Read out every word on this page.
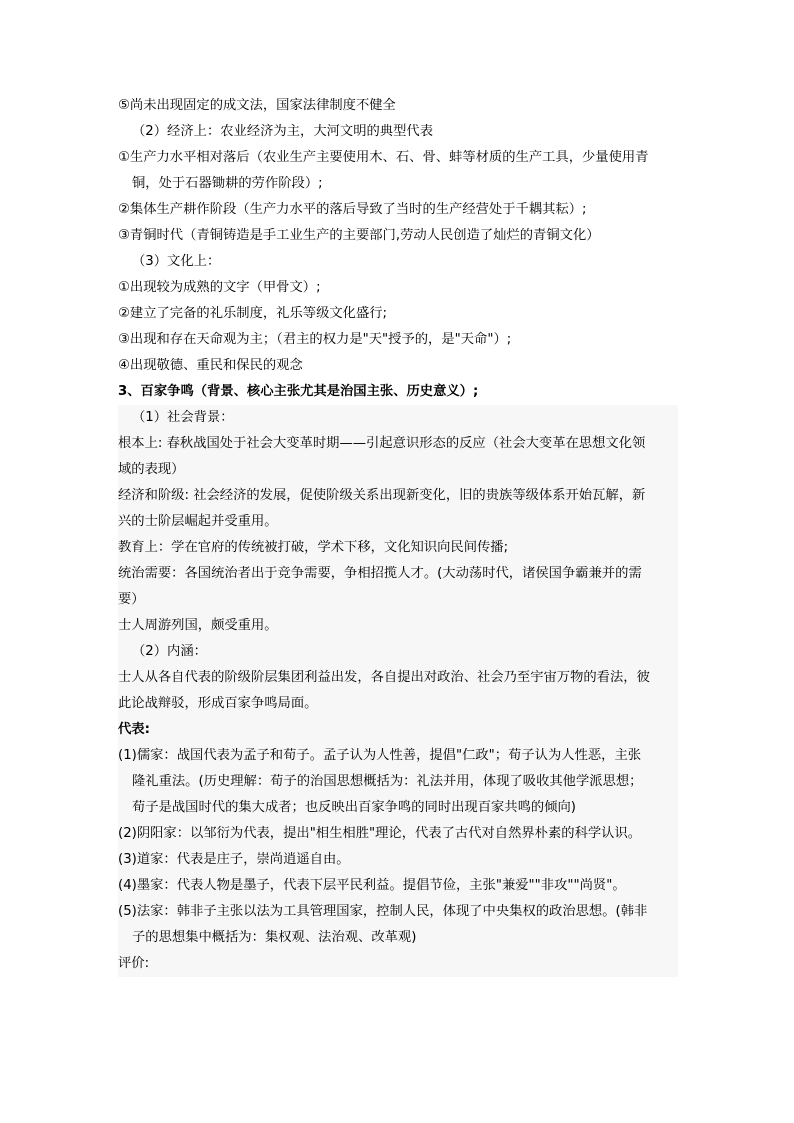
⑤尚未出现固定的成文法，国家法律制度不健全

（2）经济上：农业经济为主，大河文明的典型代表

①生产力水平相对落后（农业生产主要使用木、石、骨、蚌等材质的生产工具，少量使用青

铜，处于石器锄耕的劳作阶段）;

②集体生产耕作阶段（生产力水平的落后导致了当时的生产经营处于千耦其耘）;

③青铜时代（青铜铸造是手工业生产的主要部门,劳动人民创造了灿烂的青铜文化）

（3）文化上：

①出现较为成熟的文字（甲骨文）;

②建立了完备的礼乐制度，礼乐等级文化盛行;

③出现和存在天命观为主；（君主的权力是"天"授予的，是"天命"）;

④出现敬德、重民和保民的观念

3、百家争鸣（背景、核心主张尤其是治国主张、历史意义）;

（1）社会背景：

根本上: 春秋战国处于社会大变革时期——引起意识形态的反应（社会大变革在思想文化领

域的表现）

经济和阶级: 社会经济的发展，促使阶级关系出现新变化，旧的贵族等级体系开始瓦解，新

兴的士阶层崛起并受重用。

教育上：学在官府的传统被打破，学术下移，文化知识向民间传播;

统治需要：各国统治者出于竞争需要，争相招揽人才。(大动荡时代，诸侯国争霸兼并的需

要）

士人周游列国，颇受重用。

（2）内涵：

士人从各自代表的阶级阶层集团利益出发，各自提出对政治、社会乃至宇宙万物的看法，彼

此论战辩驳，形成百家争鸣局面。

代表:

(1)儒家：战国代表为孟子和荀子。孟子认为人性善，提倡"仁政"；荀子认为人性恶，主张

隆礼重法。(历史理解：荀子的治国思想概括为：礼法并用，体现了吸收其他学派思想；

荀子是战国时代的集大成者；也反映出百家争鸣的同时出现百家共鸣的倾向)

(2)阴阳家：以邹衍为代表，提出"相生相胜"理论，代表了古代对自然界朴素的科学认识。

(3)道家：代表是庄子，崇尚逍遥自由。

(4)墨家：代表人物是墨子，代表下层平民利益。提倡节俭，主张"兼爱""非攻""尚贤"。

(5)法家：韩非子主张以法为工具管理国家，控制人民，体现了中央集权的政治思想。(韩非

子的思想集中概括为：集权观、法治观、改革观)

评价:
